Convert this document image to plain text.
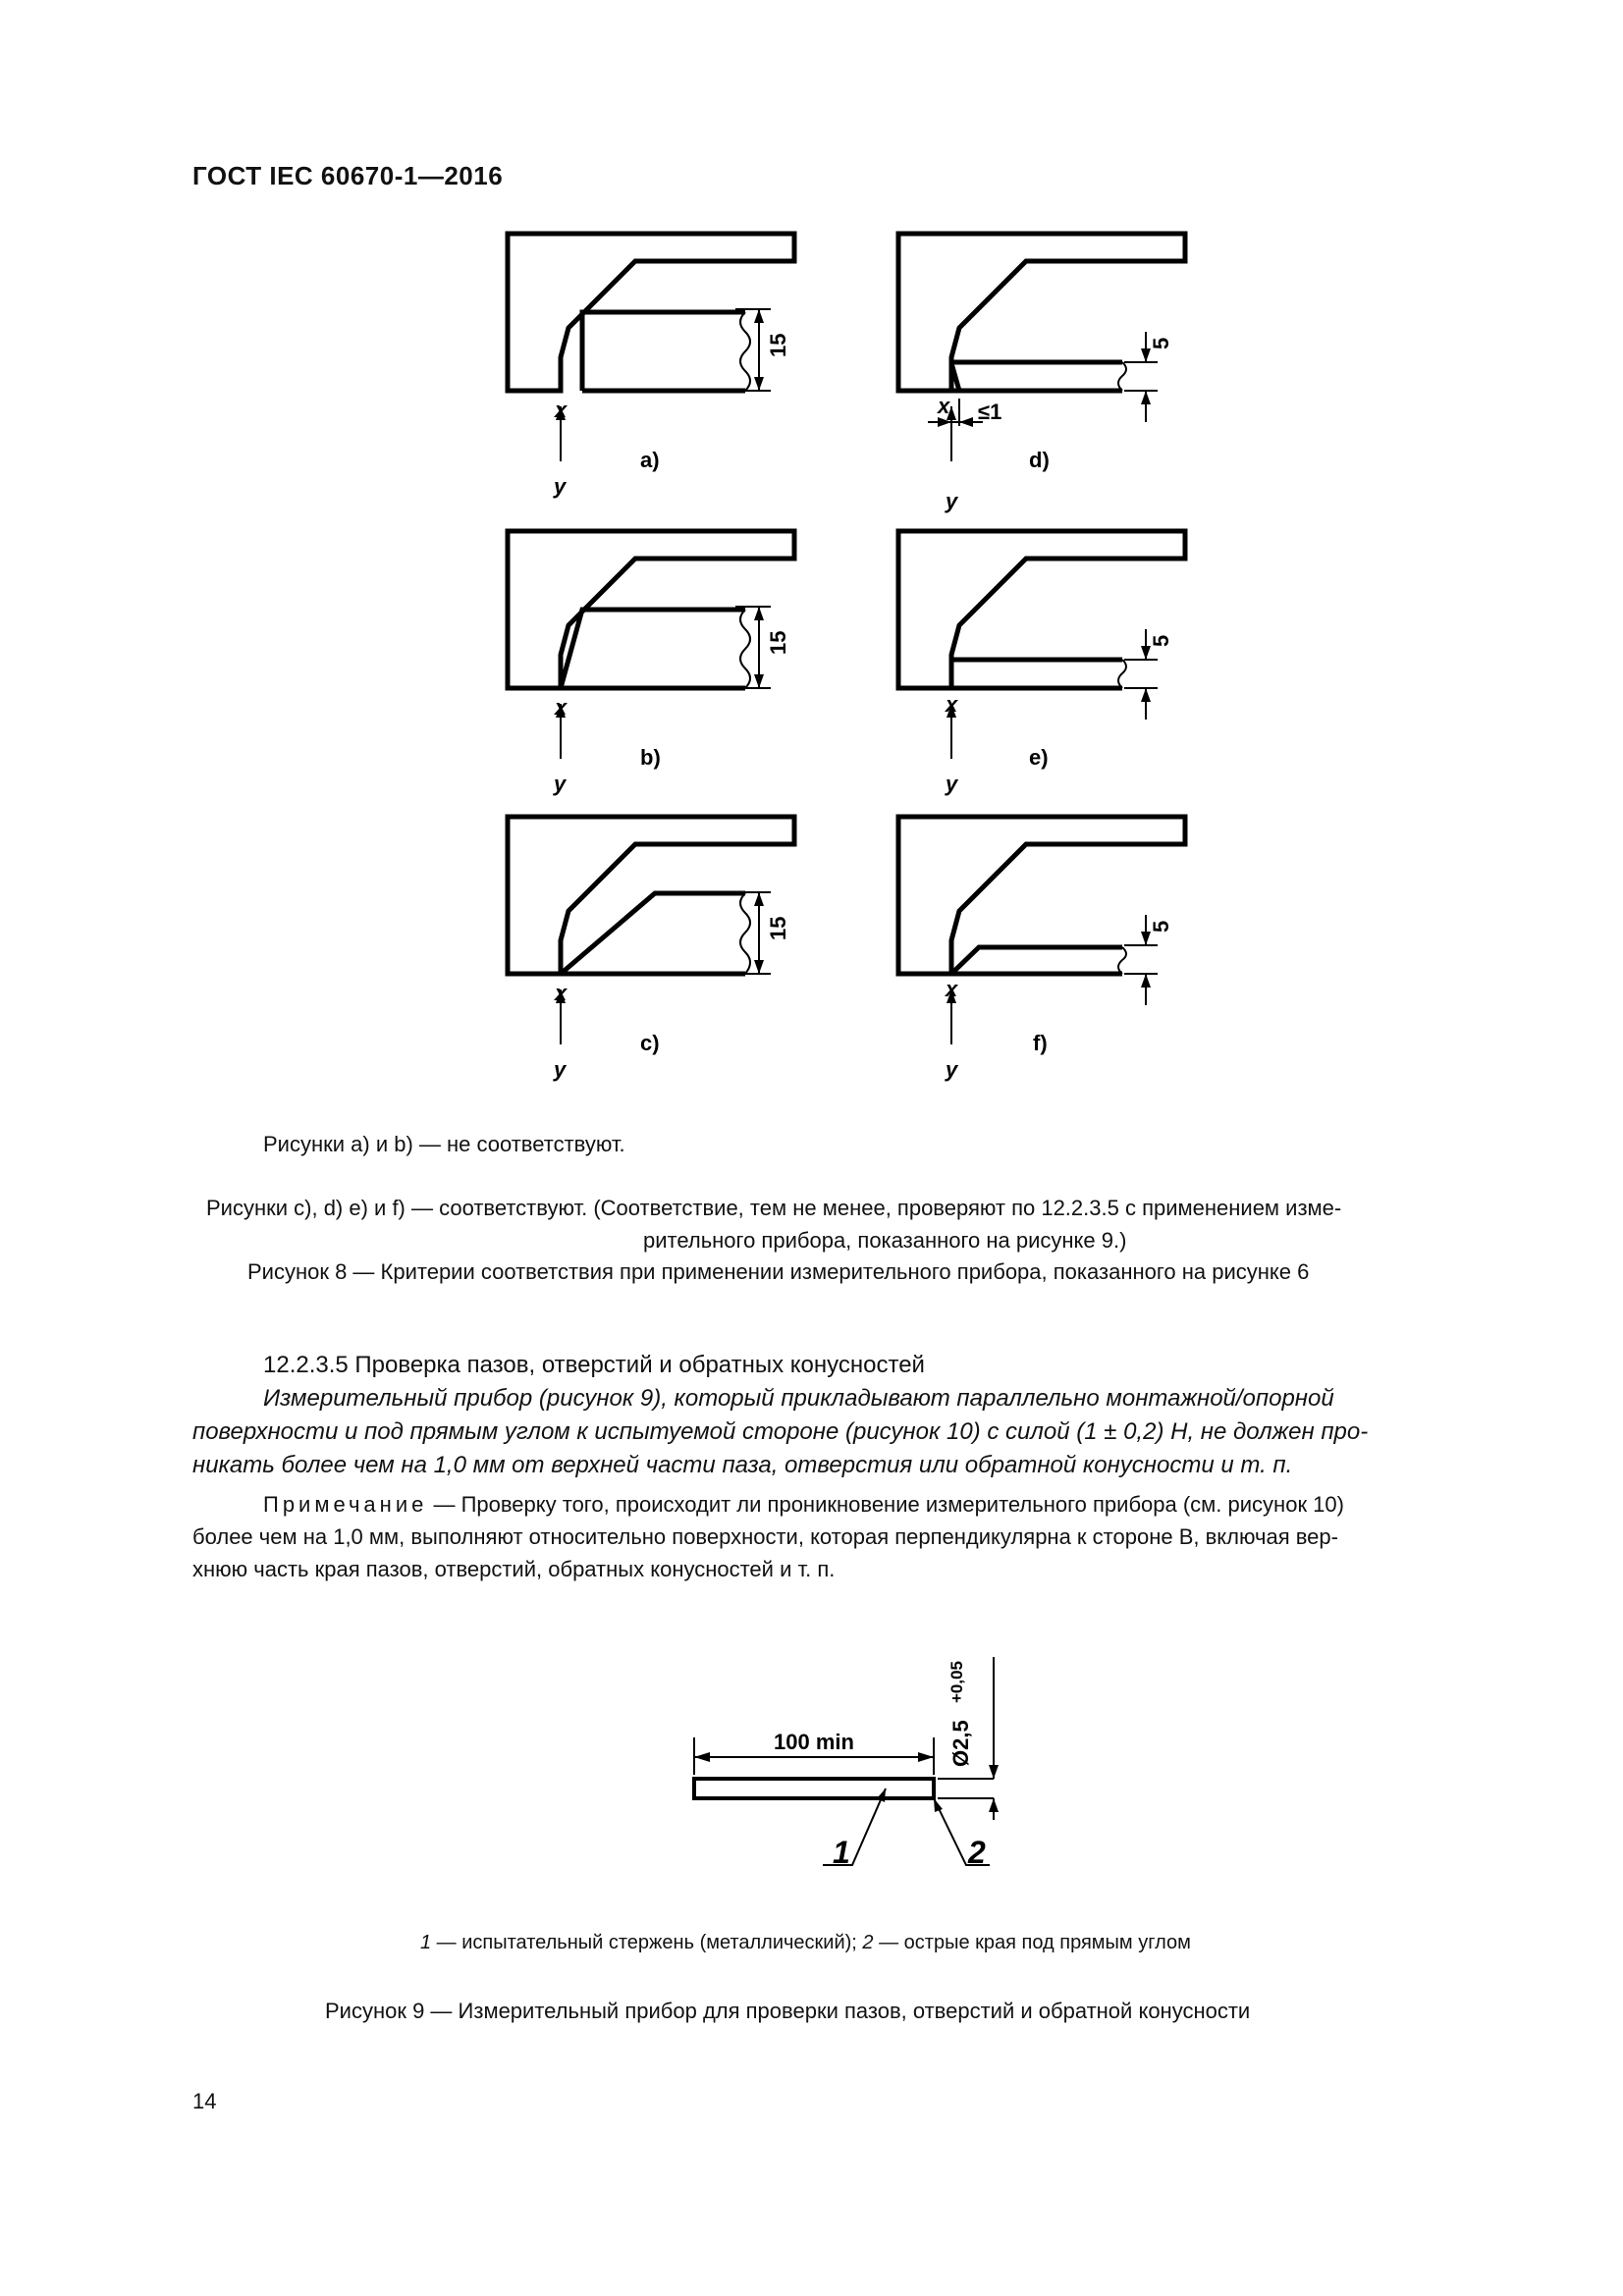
ГОСТ IEC 60670-1—2016
x
y
a)
15
x
y
b)
15
x
y
c)
15
x
y
d)
≤1
5
x
y
e)
5
x
y
f)
5
100 min	Ø2,5
+0,05
1	2
Рисунки a) и b) — не соответствуют.
Рисунки c), d) e) и f) — соответствуют. (Соответствие, тем не менее, проверяют по 12.2.3.5 с применением изме-
рительного прибора, показанного на рисунке 9.)
Рисунок 8 — Критерии соответствия при применении измерительного прибора, показанного на рисунке 6
12.2.3.5 Проверка пазов, отверстий и обратных конусностей
Измерительный прибор (рисунок 9), который прикладывают параллельно монтажной/опорной
поверхности и под прямым углом к испытуемой стороне (рисунок 10) с силой (1 ± 0,2) Н, не должен про-
никать более чем на 1,0 мм от верхней части паза, отверстия или обратной конусности и т. п.
Примечание — Проверку того, происходит ли проникновение измерительного прибора (см. рисунок 10)
более чем на 1,0 мм, выполняют относительно поверхности, которая перпендикулярна к стороне В, включая вер-
хнюю часть края пазов, отверстий, обратных конусностей и т. п.
1 — испытательный стержень (металлический); 2 — острые края под прямым углом
Рисунок 9 — Измерительный прибор для проверки пазов, отверстий и обратной конусности
14
